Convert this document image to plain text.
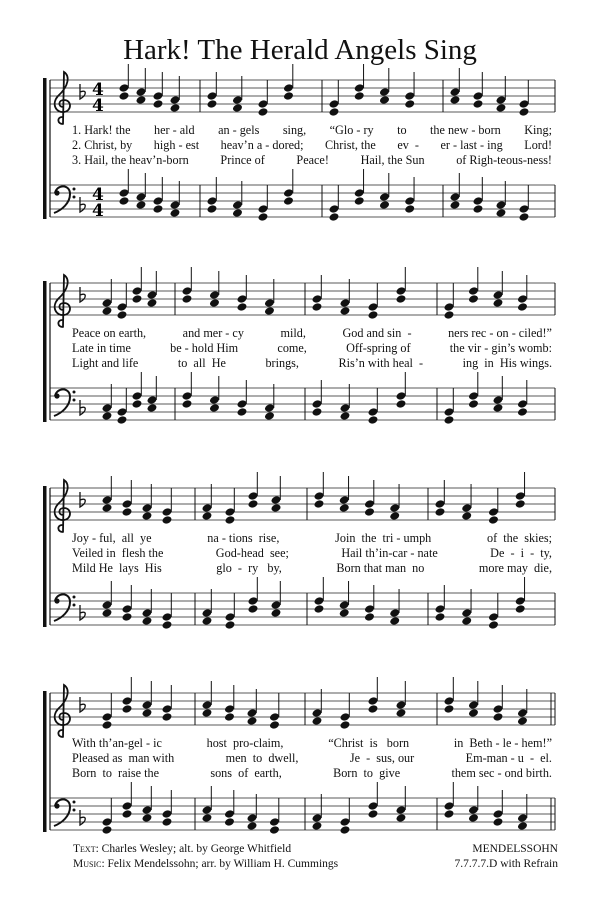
Hark! The Herald Angels Sing
4
4
4
4
1. Hark! the her - ald an - gels sing, “Glo - ry to the new - born King;
2. Christ, by high - est heav’n a - dored; Christ, the ev  - er - last - ing Lord!
3. Hail, the heav’n-born	Prince of	Peace!	Hail, the Sun	of Righ-teous-ness!
Peace on earth,	and mer - cy	mild,	God and sin  -	ners rec - on - ciled!”
Late in time	be - hold Him	come,	Off-spring of	the vir - gin’s womb:
Light and life	to  all  He	brings,	Ris’n with heal  -	ing  in  His wings.
Joy - ful,  all  ye	na - tions  rise,	Join  the  tri - umph	of  the  skies;
Veiled in  flesh the	God-head  see;	Hail th’in-car - nate	De  -  i  -  ty,
Mild He  lays  His	glo  -  ry   by,	Born that man  no	more may  die,
With th’an-gel - ic	host  pro-claim,	“Christ  is   born	in  Beth - le - hem!”
Pleased as  man with	men  to  dwell,	Je  -  sus, our	Em-man - u  -  el.
Born  to  raise the	sons  of  earth,	Born  to  give	them sec - ond birth.
Text: Charles Wesley; alt. by George Whitfield
Music: Felix Mendelssohn; arr. by William H. Cummings
MENDELSSOHN
7.7.7.7.D with Refrain
